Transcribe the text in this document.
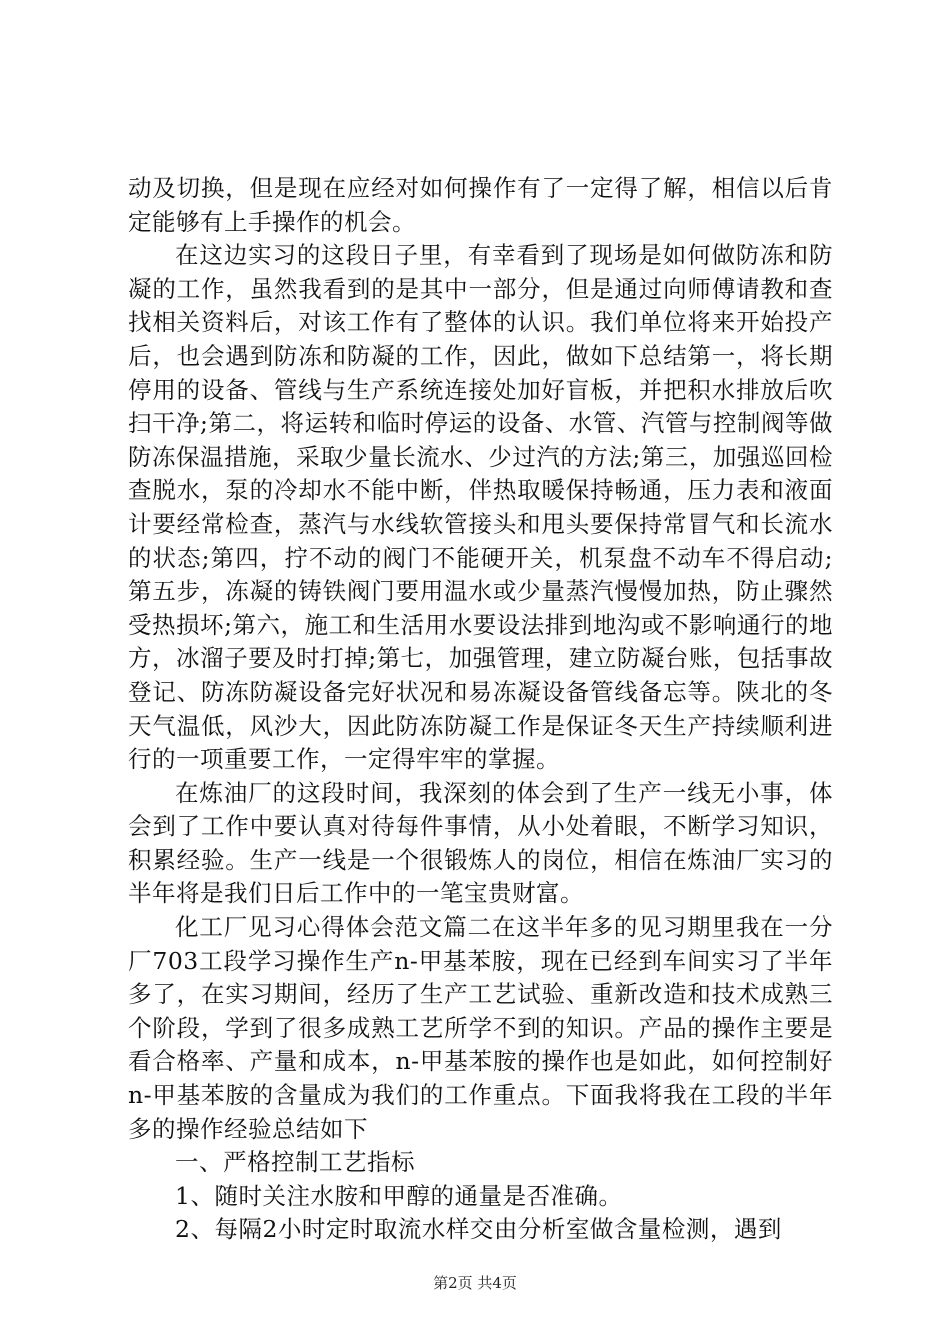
动及切换，但是现在应经对如何操作有了一定得了解，相信以后肯定能够有上手操作的机会。

在这边实习的这段日子里，有幸看到了现场是如何做防冻和防凝的工作，虽然我看到的是其中一部分，但是通过向师傅请教和查找相关资料后，对该工作有了整体的认识。我们单位将来开始投产后，也会遇到防冻和防凝的工作，因此，做如下总结第一，将长期停用的设备、管线与生产系统连接处加好盲板，并把积水排放后吹扫干净;第二，将运转和临时停运的设备、水管、汽管与控制阀等做防冻保温措施，采取少量长流水、少过汽的方法;第三，加强巡回检查脱水，泵的冷却水不能中断，伴热取暖保持畅通，压力表和液面计要经常检查，蒸汽与水线软管接头和甩头要保持常冒气和长流水的状态;第四，拧不动的阀门不能硬开关，机泵盘不动车不得启动;第五步，冻凝的铸铁阀门要用温水或少量蒸汽慢慢加热，防止骤然受热损坏;第六，施工和生活用水要设法排到地沟或不影响通行的地方，冰溜子要及时打掉;第七，加强管理，建立防凝台账，包括事故登记、防冻防凝设备完好状况和易冻凝设备管线备忘等。陕北的冬天气温低，风沙大，因此防冻防凝工作是保证冬天生产持续顺利进行的一项重要工作，一定得牢牢的掌握。

在炼油厂的这段时间，我深刻的体会到了生产一线无小事，体会到了工作中要认真对待每件事情，从小处着眼，不断学习知识，积累经验。生产一线是一个很锻炼人的岗位，相信在炼油厂实习的半年将是我们日后工作中的一笔宝贵财富。

化工厂见习心得体会范文篇二在这半年多的见习期里我在一分厂703工段学习操作生产n-甲基苯胺，现在已经到车间实习了半年多了，在实习期间，经历了生产工艺试验、重新改造和技术成熟三个阶段，学到了很多成熟工艺所学不到的知识。产品的操作主要是看合格率、产量和成本，n-甲基苯胺的操作也是如此，如何控制好n-甲基苯胺的含量成为我们的工作重点。下面我将我在工段的半年多的操作经验总结如下

一、严格控制工艺指标

1、随时关注水胺和甲醇的通量是否准确。

2、每隔2小时定时取流水样交由分析室做含量检测，遇到

第2页 共4页
